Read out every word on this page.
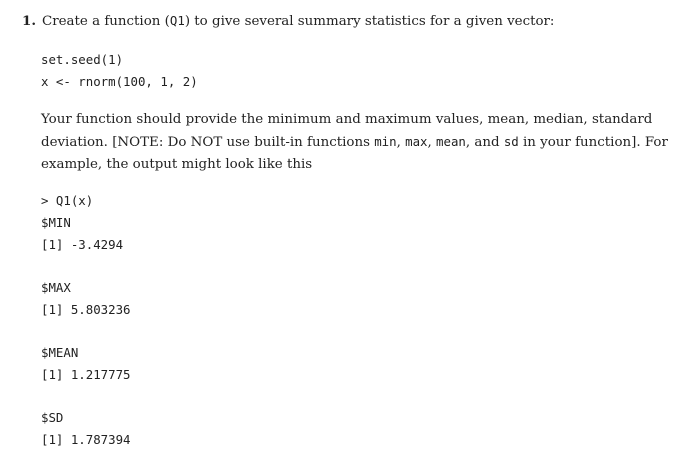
1. Create a function (Q1) to give several summary statistics for a given vector:
set.seed(1)
x <- rnorm(100, 1, 2)
Your function should provide the minimum and maximum values, mean, median, standard
deviation. [NOTE: Do NOT use built-in functions min, max, mean, and sd in your function]. For
example, the output might look like this
> Q1(x)
$MIN
[1] -3.4294
$MAX
[1] 5.803236
$MEAN
[1] 1.217775
$SD
[1] 1.787394
